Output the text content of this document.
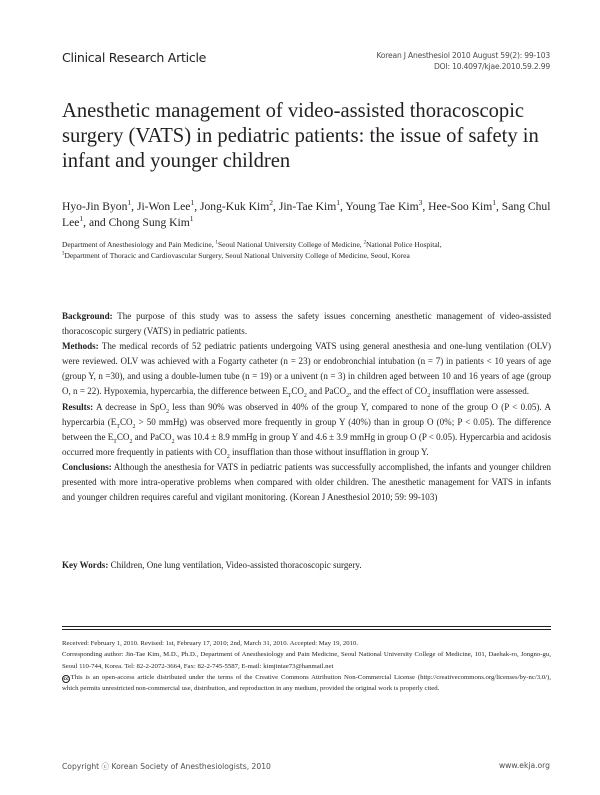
Clinical Research Article	Korean J Anesthesiol 2010 August 59(2): 99-103
DOI: 10.4097/kjae.2010.59.2.99
Anesthetic management of video-assisted thoracoscopic surgery (VATS) in pediatric patients: the issue of safety in infant and younger children
Hyo-Jin Byon$^1$, Ji-Won Lee$^1$, Jong-Kuk Kim$^2$, Jin-Tae Kim$^1$, Young Tae Kim$^3$, Hee-Soo Kim$^1$, Sang Chul Lee$^1$, and Chong Sung Kim$^1$
Department of Anesthesiology and Pain Medicine, $^1$Seoul National University College of Medicine, $^2$National Police Hospital,
$^3$Department of Thoracic and Cardiovascular Surgery, Seoul National University College of Medicine, Seoul, Korea

Background: The purpose of this study was to assess the safety issues concerning anesthetic management of video-assisted thoracoscopic surgery (VATS) in pediatric patients.

Methods: The medical records of 52 pediatric patients undergoing VATS using general anesthesia and one-lung ventilation (OLV) were reviewed. OLV was achieved with a Fogarty catheter (n = 23) or endobronchial intubation (n = 7) in patients < 10 years of age (group Y, n =30), and using a double-lumen tube (n = 19) or a univent (n = 3) in children aged between 10 and 16 years of age (group O, n = 22). Hypoxemia, hypercarbia, the difference between $E_TCO_2$ and PaCO$_2$, and the effect of $CO_2$ insufflation were assessed.

Results: A decrease in SpO$_2$ less than 90% was observed in 40% of the group Y, compared to none of the group O (P < 0.05). A hypercarbia ($E_TCO_2 > 50$ mmHg) was observed more frequently in group Y (40%) than in group O (0%; P < 0.05). The difference between the $E_TCO_2$ and PaCO$_2$ was 10.4 ± 8.9 mmHg in group Y and 4.6 ± 3.9 mmHg in group O (P < 0.05). Hypercarbia and acidosis occurred more frequently in patients with $CO_2$ insufflation than those without insufflation in group Y.

Conclusions: Although the anesthesia for VATS in pediatric patients was successfully accomplished, the infants and younger children presented with more intra-operative problems when compared with older children. The anesthetic management for VATS in infants and younger children requires careful and vigilant monitoring. (Korean J Anesthesiol 2010; 59: 99-103)

Key Words: Children, One lung ventilation, Video-assisted thoracoscopic surgery.

Received: February 1, 2010. Revised: 1st, February 17, 2010; 2nd, March 31, 2010. Accepted: May 19, 2010.

Corresponding author: Jin-Tae Kim, M.D., Ph.D., Department of Anesthesiology and Pain Medicine, Seoul National University College of Medicine, 101, Daehak-ro, Jongno-gu, Seoul 110-744, Korea. Tel: 82-2-2072-3664, Fax: 82-2-745-5587, E-mail: kimjintae73@hanmail.net

cc  This is an open-access article distributed under the terms of the Creative Commons Attribution Non-Commercial License (http://creativecommons.org/licenses/by-nc/3.0/), which permits unrestricted non-commercial use, distribution, and reproduction in any medium, provided the original work is properly cited.

Copyright ⓒ Korean Society of Anesthesiologists, 2010	www.ekja.org
